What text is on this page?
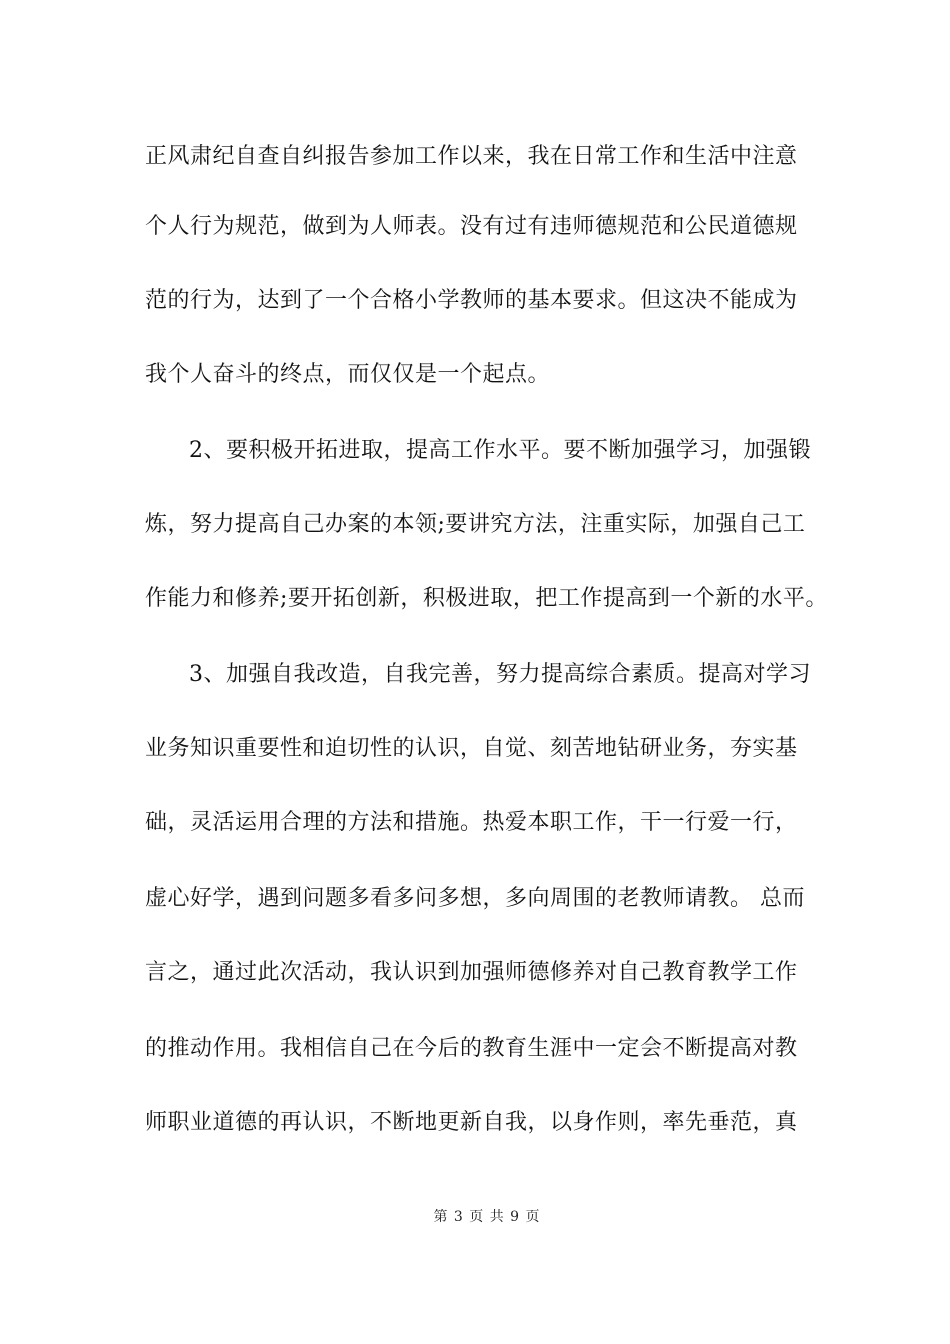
正风肃纪自查自纠报告参加工作以来，我在日常工作和生活中注意
个人行为规范，做到为人师表。没有过有违师德规范和公民道德规
范的行为，达到了一个合格小学教师的基本要求。但这决不能成为
我个人奋斗的终点，而仅仅是一个起点。
2、要积极开拓进取，提高工作水平。要不断加强学习，加强锻
炼，努力提高自己办案的本领;要讲究方法，注重实际，加强自己工
作能力和修养;要开拓创新，积极进取，把工作提高到一个新的水平。
3、加强自我改造，自我完善，努力提高综合素质。提高对学习
业务知识重要性和迫切性的认识，自觉、刻苦地钻研业务，夯实基
础，灵活运用合理的方法和措施。热爱本职工作，干一行爱一行，
虚心好学，遇到问题多看多问多想，多向周围的老教师请教。 总而
言之，通过此次活动，我认识到加强师德修养对自己教育教学工作
的推动作用。我相信自己在今后的教育生涯中一定会不断提高对教
师职业道德的再认识，不断地更新自我，以身作则，率先垂范，真
第 3 页 共 9 页
